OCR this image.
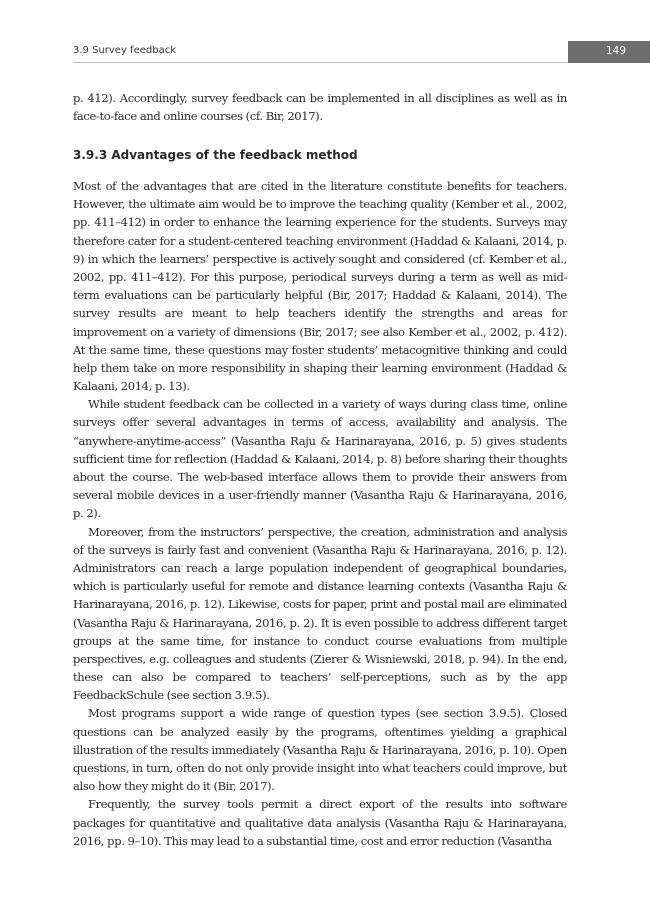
3.9 Survey feedback	149

p. 412). Accordingly, survey feedback can be implemented in all disciplines as well as in face-to-face and online courses (cf. Bir, 2017).

3.9.3 Advantages of the feedback method
Most of the advantages that are cited in the literature constitute benefits for teachers. However, the ultimate aim would be to improve the teaching quality (Kember et al., 2002, pp. 411–412) in order to enhance the learning experience for the students. Surveys may therefore cater for a student-centered teaching environment (Haddad & Kalaani, 2014, p. 9) in which the learners’ perspective is actively sought and considered (cf. Kember et al., 2002, pp. 411–412). For this purpose, periodical surveys during a term as well as mid-term evaluations can be particularly helpful (Bir, 2017; Haddad & Kalaani, 2014). The survey results are meant to help teachers identify the strengths and areas for improvement on a variety of dimensions (Bir, 2017; see also Kember et al., 2002, p. 412). At the same time, these questions may foster students’ metacognitive thinking and could help them take on more responsibility in shaping their learning environment (Haddad & Kalaani, 2014, p. 13).
While student feedback can be collected in a variety of ways during class time, online surveys offer several advantages in terms of access, availability and analysis. The “anywhere-anytime-access” (Vasantha Raju & Harinarayana, 2016, p. 5) gives students sufficient time for reflection (Haddad & Kalaani, 2014, p. 8) before sharing their thoughts about the course. The web-based interface allows them to provide their answers from several mobile devices in a user-friendly manner (Vasantha Raju & Harinarayana, 2016, p. 2).
Moreover, from the instructors’ perspective, the creation, administration and analysis of the surveys is fairly fast and convenient (Vasantha Raju & Harinarayana, 2016, p. 12). Administrators can reach a large population independent of geographical boundaries, which is particularly useful for remote and distance learning contexts (Vasantha Raju & Harinarayana, 2016, p. 12). Likewise, costs for paper, print and postal mail are eliminated (Vasantha Raju & Harinarayana, 2016, p. 2). It is even possible to address different target groups at the same time, for instance to conduct course evaluations from multiple perspectives, e.g. colleagues and students (Zierer & Wisniewski, 2018, p. 94). In the end, these can also be compared to teachers’ self-perceptions, such as by the app FeedbackSchule (see section 3.9.5).
Most programs support a wide range of question types (see section 3.9.5). Closed questions can be analyzed easily by the programs, oftentimes yielding a graphical illustration of the results immediately (Vasantha Raju & Harinarayana, 2016, p. 10). Open questions, in turn, often do not only provide insight into what teachers could improve, but also how they might do it (Bir, 2017).
Frequently, the survey tools permit a direct export of the results into software packages for quantitative and qualitative data analysis (Vasantha Raju & Harinarayana, 2016, pp. 9–10). This may lead to a substantial time, cost and error reduction (Vasantha
